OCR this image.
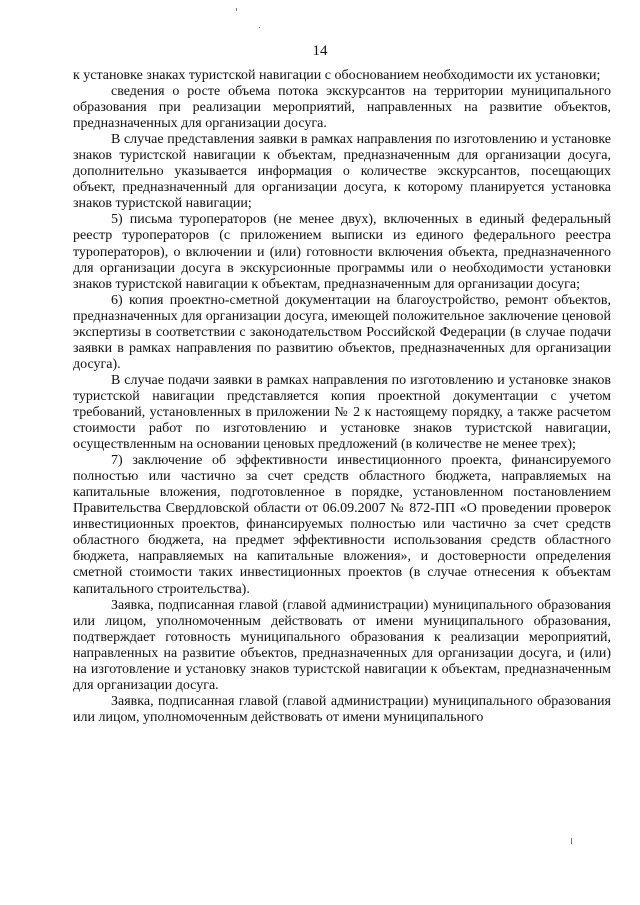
14

к установке знаках туристской навигации с обоснованием необходимости их установки;

сведения о росте объема потока экскурсантов на территории муниципального образования при реализации мероприятий, направленных на развитие объектов, предназначенных для организации досуга.

В случае представления заявки в рамках направления по изготовлению и установке знаков туристской навигации к объектам, предназначенным для организации досуга, дополнительно указывается информация о количестве экскурсантов, посещающих объект, предназначенный для организации досуга, к которому планируется установка знаков туристской навигации;

5) письма туроператоров (не менее двух), включенных в единый федеральный реестр туроператоров (с приложением выписки из единого федерального реестра туроператоров), о включении и (или) готовности включения объекта, предназначенного для организации досуга в экскурсионные программы или о необходимости установки знаков туристской навигации к объектам, предназначенным для организации досуга;

6) копия проектно-сметной документации на благоустройство, ремонт объектов, предназначенных для организации досуга, имеющей положительное заключение ценовой экспертизы в соответствии с законодательством Российской Федерации (в случае подачи заявки в рамках направления по развитию объектов, предназначенных для организации досуга).

В случае подачи заявки в рамках направления по изготовлению и установке знаков туристской навигации представляется копия проектной документации с учетом требований, установленных в приложении № 2 к настоящему порядку, а также расчетом стоимости работ по изготовлению и установке знаков туристской навигации, осуществленным на основании ценовых предложений (в количестве не менее трех);

7) заключение об эффективности инвестиционного проекта, финансируемого полностью или частично за счет средств областного бюджета, направляемых на капитальные вложения, подготовленное в порядке, установленном постановлением Правительства Свердловской области от 06.09.2007 № 872-ПП «О проведении проверок инвестиционных проектов, финансируемых полностью или частично за счет средств областного бюджета, на предмет эффективности использования средств областного бюджета, направляемых на капитальные вложения», и достоверности определения сметной стоимости таких инвестиционных проектов (в случае отнесения к объектам капитального строительства).

Заявка, подписанная главой (главой администрации) муниципального образования или лицом, уполномоченным действовать от имени муниципального образования, подтверждает готовность муниципального образования к реализации мероприятий, направленных на развитие объектов, предназначенных для организации досуга, и (или) на изготовление и установку знаков туристской навигации к объектам, предназначенным для организации досуга.

Заявка, подписанная главой (главой администрации) муниципального образования или лицом, уполномоченным действовать от имени муниципального
